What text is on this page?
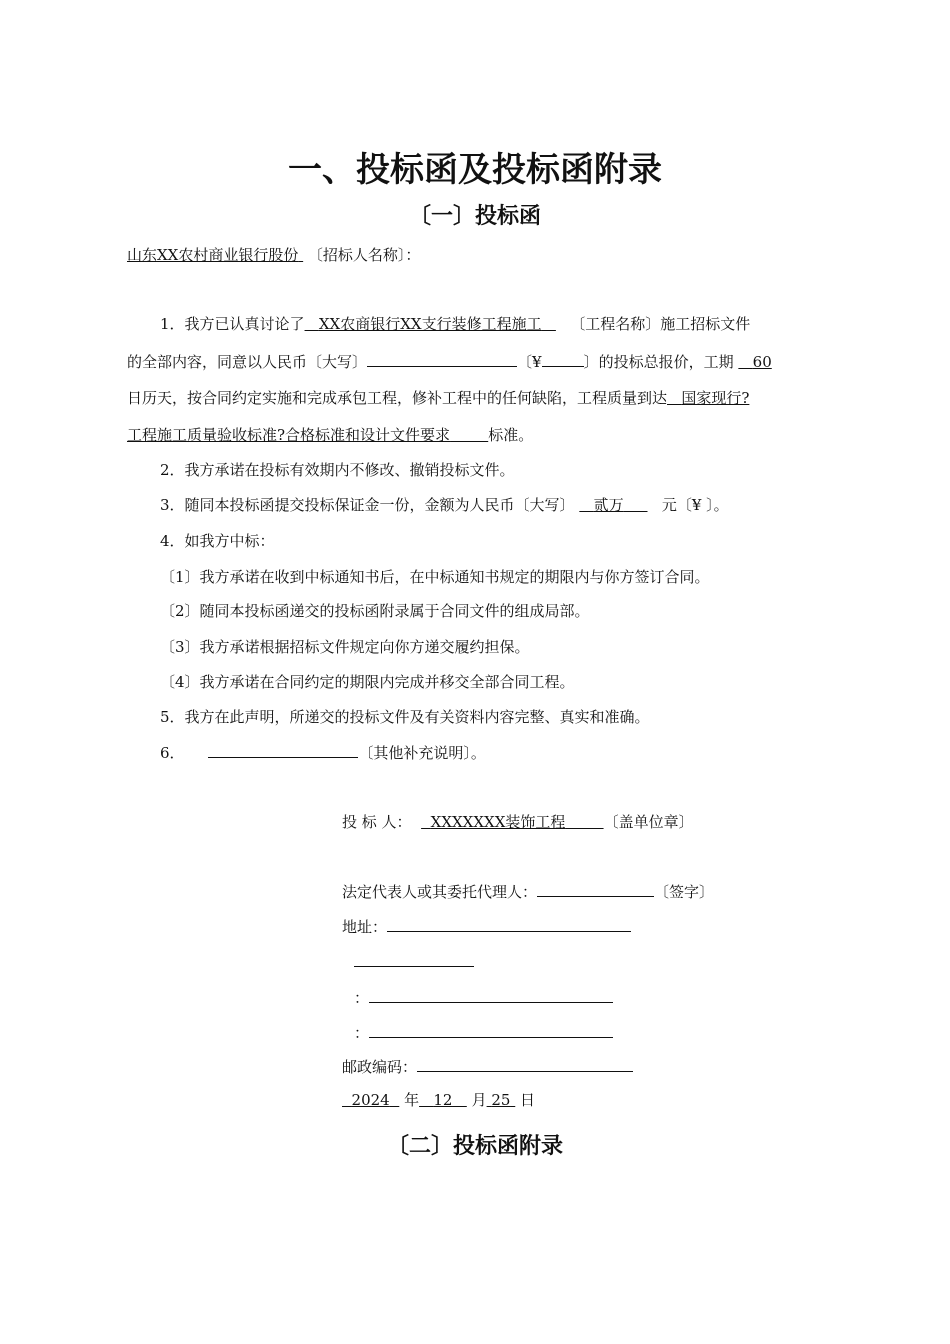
一、投标函及投标函附录
〔一〕投标函
山东XX农村商业银行股份 〔招标人名称〕：
1．我方已认真讨论了 XX农商银行XX支行装修工程施工 〔工程名称〕施工招标文件
的全部内容，同意以人民币〔大写〕	〔¥	〕的投标总报价，工期 60
日历天，按合同约定实施和完成承包工程，修补工程中的任何缺陷，工程质量到达 国家现行?
工程施工质量验收标准?合格标准和设计文件要求	标准。
2．我方承诺在投标有效期内不修改、撤销投标文件。
3．随同本投标函提交投标保证金一份，金额为人民币〔大写〕 贰万	元〔¥ 〕。
4．如我方中标：
〔1〕我方承诺在收到中标通知书后，在中标通知书规定的期限内与你方签订合同。
〔2〕随同本投标函递交的投标函附录属于合同文件的组成局部。
〔3〕我方承诺根据招标文件规定向你方递交履约担保。
〔4〕我方承诺在合同约定的期限内完成并移交全部合同工程。
5．我方在此声明，所递交的投标文件及有关资料内容完整、真实和准确。
6．	〔其他补充说明〕。
投 标 人： XXXXXXX装饰工程	〔盖单位章〕
法定代表人或其委托代理人：	〔签字〕
地址：
：
：
邮政编码：
2024 年 12 月 25 日
〔二〕投标函附录
